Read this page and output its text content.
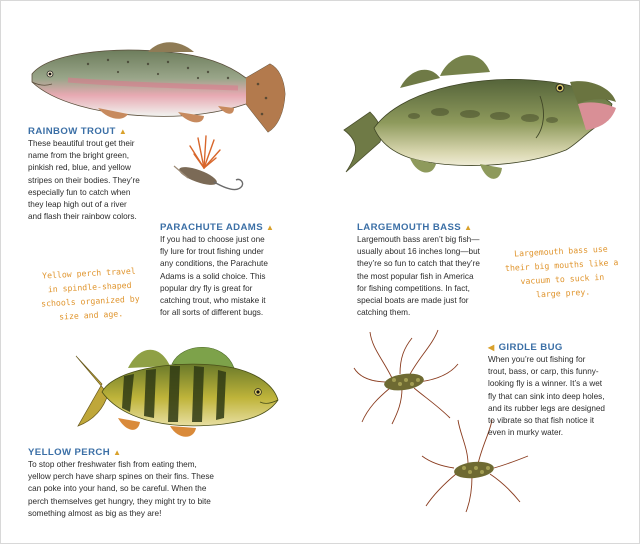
RAINBOW TROUT ▲
PARACHUTE ADAMS ▲	LARGEMOUTH BASS ▲
◀ GIRDLE BUG
YELLOW PERCH ▲
These beautiful trout get their
name from the bright green,
pinkish red, blue, and yellow
stripes on their bodies. They’re
especially fun to catch when
they leap high out of a river
and flash their rainbow colors.
If you had to choose just one
fly lure for trout fishing under
any conditions, the Parachute
Adams is a solid choice. This
popular dry fly is great for
catching trout, who mistake it
for all sorts of different bugs.
Largemouth bass aren’t big fish—
usually about 16 inches long—but
they’re so fun to catch that they’re
the most popular fish in America
for fishing competitions. In fact,
special boats are made just for
catching them.
When you’re out fishing for
trout, bass, or carp, this funny-
looking fly is a winner. It’s a wet
fly that can sink into deep holes,
and its rubber legs are designed
to vibrate so that fish notice it
even in murky water.
To stop other freshwater fish from eating them,
yellow perch have sharp spines on their fins. These
can poke into your hand, so be careful. When the
perch themselves get hungry, they might try to bite
something almost as big as they are!
Yellow perch travel
in spindle-shaped
schools organized by
size and age.
Largemouth bass use
their big mouths like a
vacuum to suck in
large prey.
